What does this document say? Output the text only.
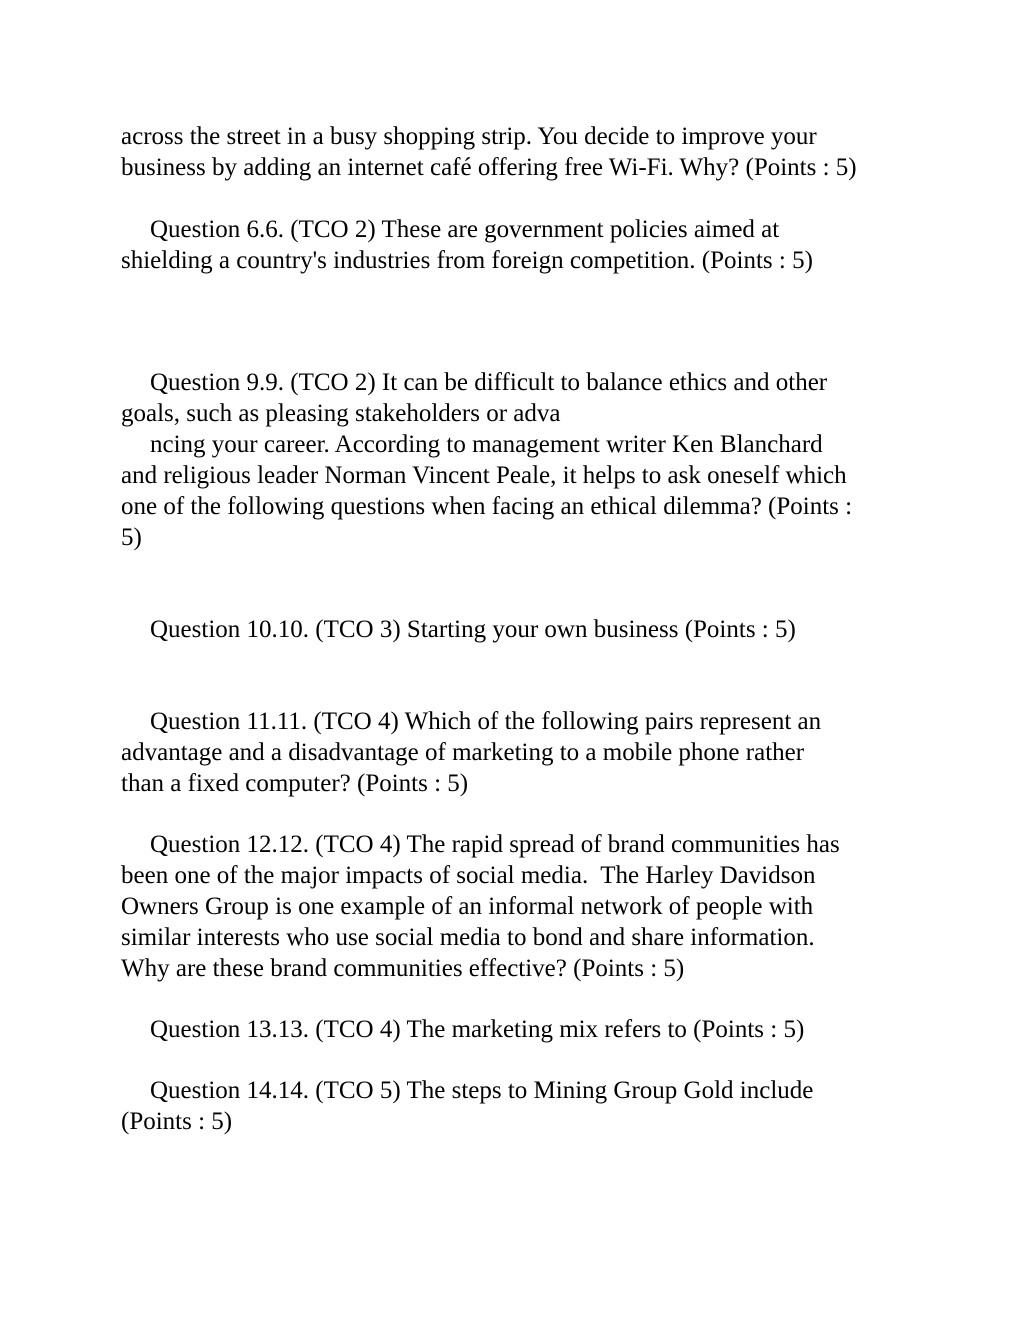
across the street in a busy shopping strip. You decide to improve your

business by adding an internet café offering free Wi-Fi. Why? (Points : 5)

Question 6.6. (TCO 2) These are government policies aimed at

shielding a country's industries from foreign competition. (Points : 5)

Question 9.9. (TCO 2) It can be difficult to balance ethics and other

goals, such as pleasing stakeholders or adva

ncing your career. According to management writer Ken Blanchard

and religious leader Norman Vincent Peale, it helps to ask oneself which

one of the following questions when facing an ethical dilemma? (Points :

5)

Question 10.10. (TCO 3) Starting your own business (Points : 5)

Question 11.11. (TCO 4) Which of the following pairs represent an

advantage and a disadvantage of marketing to a mobile phone rather

than a fixed computer? (Points : 5)

Question 12.12. (TCO 4) The rapid spread of brand communities has

been one of the major impacts of social media.  The Harley Davidson

Owners Group is one example of an informal network of people with

similar interests who use social media to bond and share information.

Why are these brand communities effective? (Points : 5)

Question 13.13. (TCO 4) The marketing mix refers to (Points : 5)

Question 14.14. (TCO 5) The steps to Mining Group Gold include

(Points : 5)
